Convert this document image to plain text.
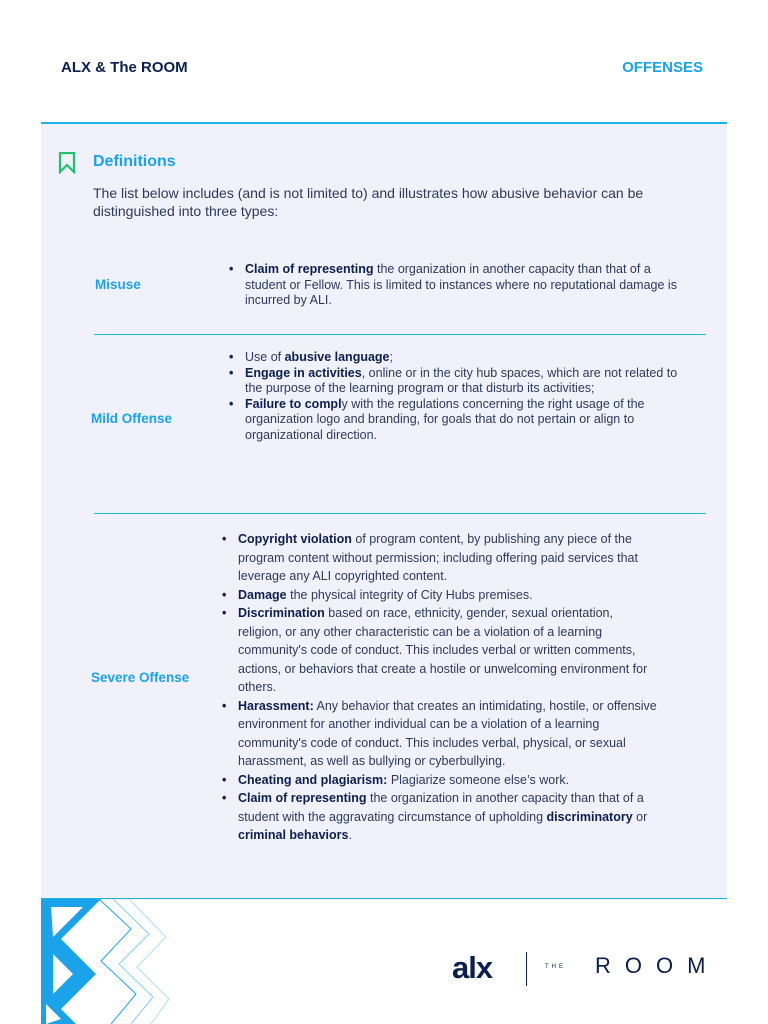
ALX & The ROOM	OFFENSES
Definitions
The list below includes (and is not limited to) and illustrates how abusive behavior can be distinguished into three types:
Misuse
• Claim of representing the organization in another capacity than that of a student or Fellow. This is limited to instances where no reputational damage is incurred by ALI.
Mild Offense
• Use of abusive language;
• Engage in activities, online or in the city hub spaces, which are not related to the purpose of the learning program or that disturb its activities;
• Failure to comply with the regulations concerning the right usage of the organization logo and branding, for goals that do not pertain or align to organizational direction.
Severe Offense
• Copyright violation of program content, by publishing any piece of the program content without permission; including offering paid services that leverage any ALI copyrighted content.
• Damage the physical integrity of City Hubs premises.
• Discrimination based on race, ethnicity, gender, sexual orientation, religion, or any other characteristic can be a violation of a learning community's code of conduct. This includes verbal or written comments, actions, or behaviors that create a hostile or unwelcoming environment for others.
• Harassment: Any behavior that creates an intimidating, hostile, or offensive environment for another individual can be a violation of a learning community's code of conduct. This includes verbal, physical, or sexual harassment, as well as bullying or cyberbullying.
• Cheating and plagiarism: Plagiarize someone else’s work.
• Claim of representing the organization in another capacity than that of a student with the aggravating circumstance of upholding discriminatory or criminal behaviors.
alx	THE ROOM
